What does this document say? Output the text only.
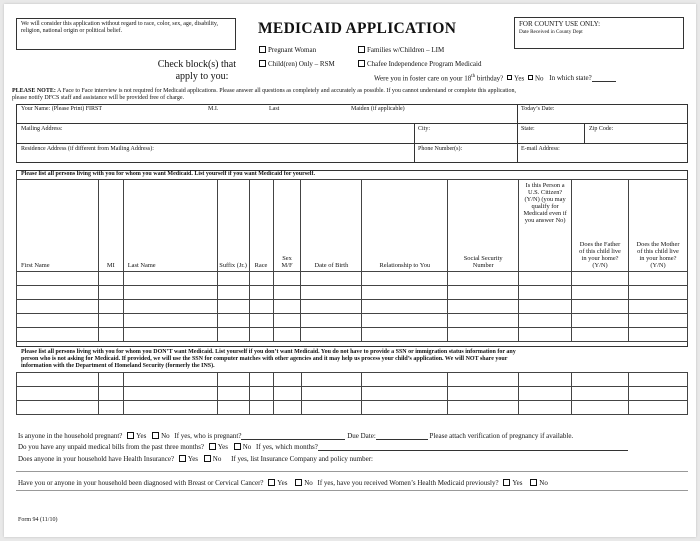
We will consider this application without regard to race, color, sex, age, disability, religion, national origin or political belief.	MEDICAID APPLICATION	FOR COUNTY USE ONLY:
Date Received in County Dept
Check block(s) that
apply to you:
Pregnant Woman	Families w/Children – LIM
Child(ren) Only – RSM	Chafee Independence Program Medicaid
Were you in foster care on your 18th birthday? Yes No In which state?
PLEASE NOTE: A Face to Face interview is not required for Medicaid applications. Please answer all questions as completely and accurately as possible. If you cannot understand or complete this application,
please notify DFCS staff and assistance will be provided free of charge.
Your Name: (Please Print) FIRST	M.I.	Last	Maiden (if applicable)	Today’s Date:
Mailing Address:	City:	State:	Zip Code:
Residence Address (if different from Mailing Address):	Phone Number(s):	E-mail Address:
Please list all persons living with you for whom you want Medicaid. List yourself if you want Medicaid for yourself.
First Name	MI	Last Name	Suffix (Jr.)	Race	Sex M/F	Date of Birth	Relationship to You	Social Security Number	Is this Person a U.S. Citizen? (Y/N) (you may qualify for Medicaid even if you answer No)	Does the Father of this child live in your home? (Y/N)	Does the Mother of this child live in your home? (Y/N)

Please list all persons living with you for whom you DON’T want Medicaid. List yourself if you don’t want Medicaid. You do not have to provide a SSN or immigration status information for any
person who is not asking for Medicaid. If provided, we will use the SSN for computer matches with other agencies and it may help us process your child’s application. We will NOT share your
information with the Department of Homeland Security (formerly the INS).

Is anyone in the household pregnant? Yes No If yes, who is pregnant?	Due Date:	Please attach verification of pregnancy if available.
Do you have any unpaid medical bills from the past three months? Yes No If yes, which months?
Does anyone in your household have Health Insurance? Yes No If yes, list Insurance Company and policy number:
Have you or anyone in your household been diagnosed with Breast or Cervical Cancer? Yes No If yes, have you received Women’s Health Medicaid previously? Yes No
Form 94 (11/10)
